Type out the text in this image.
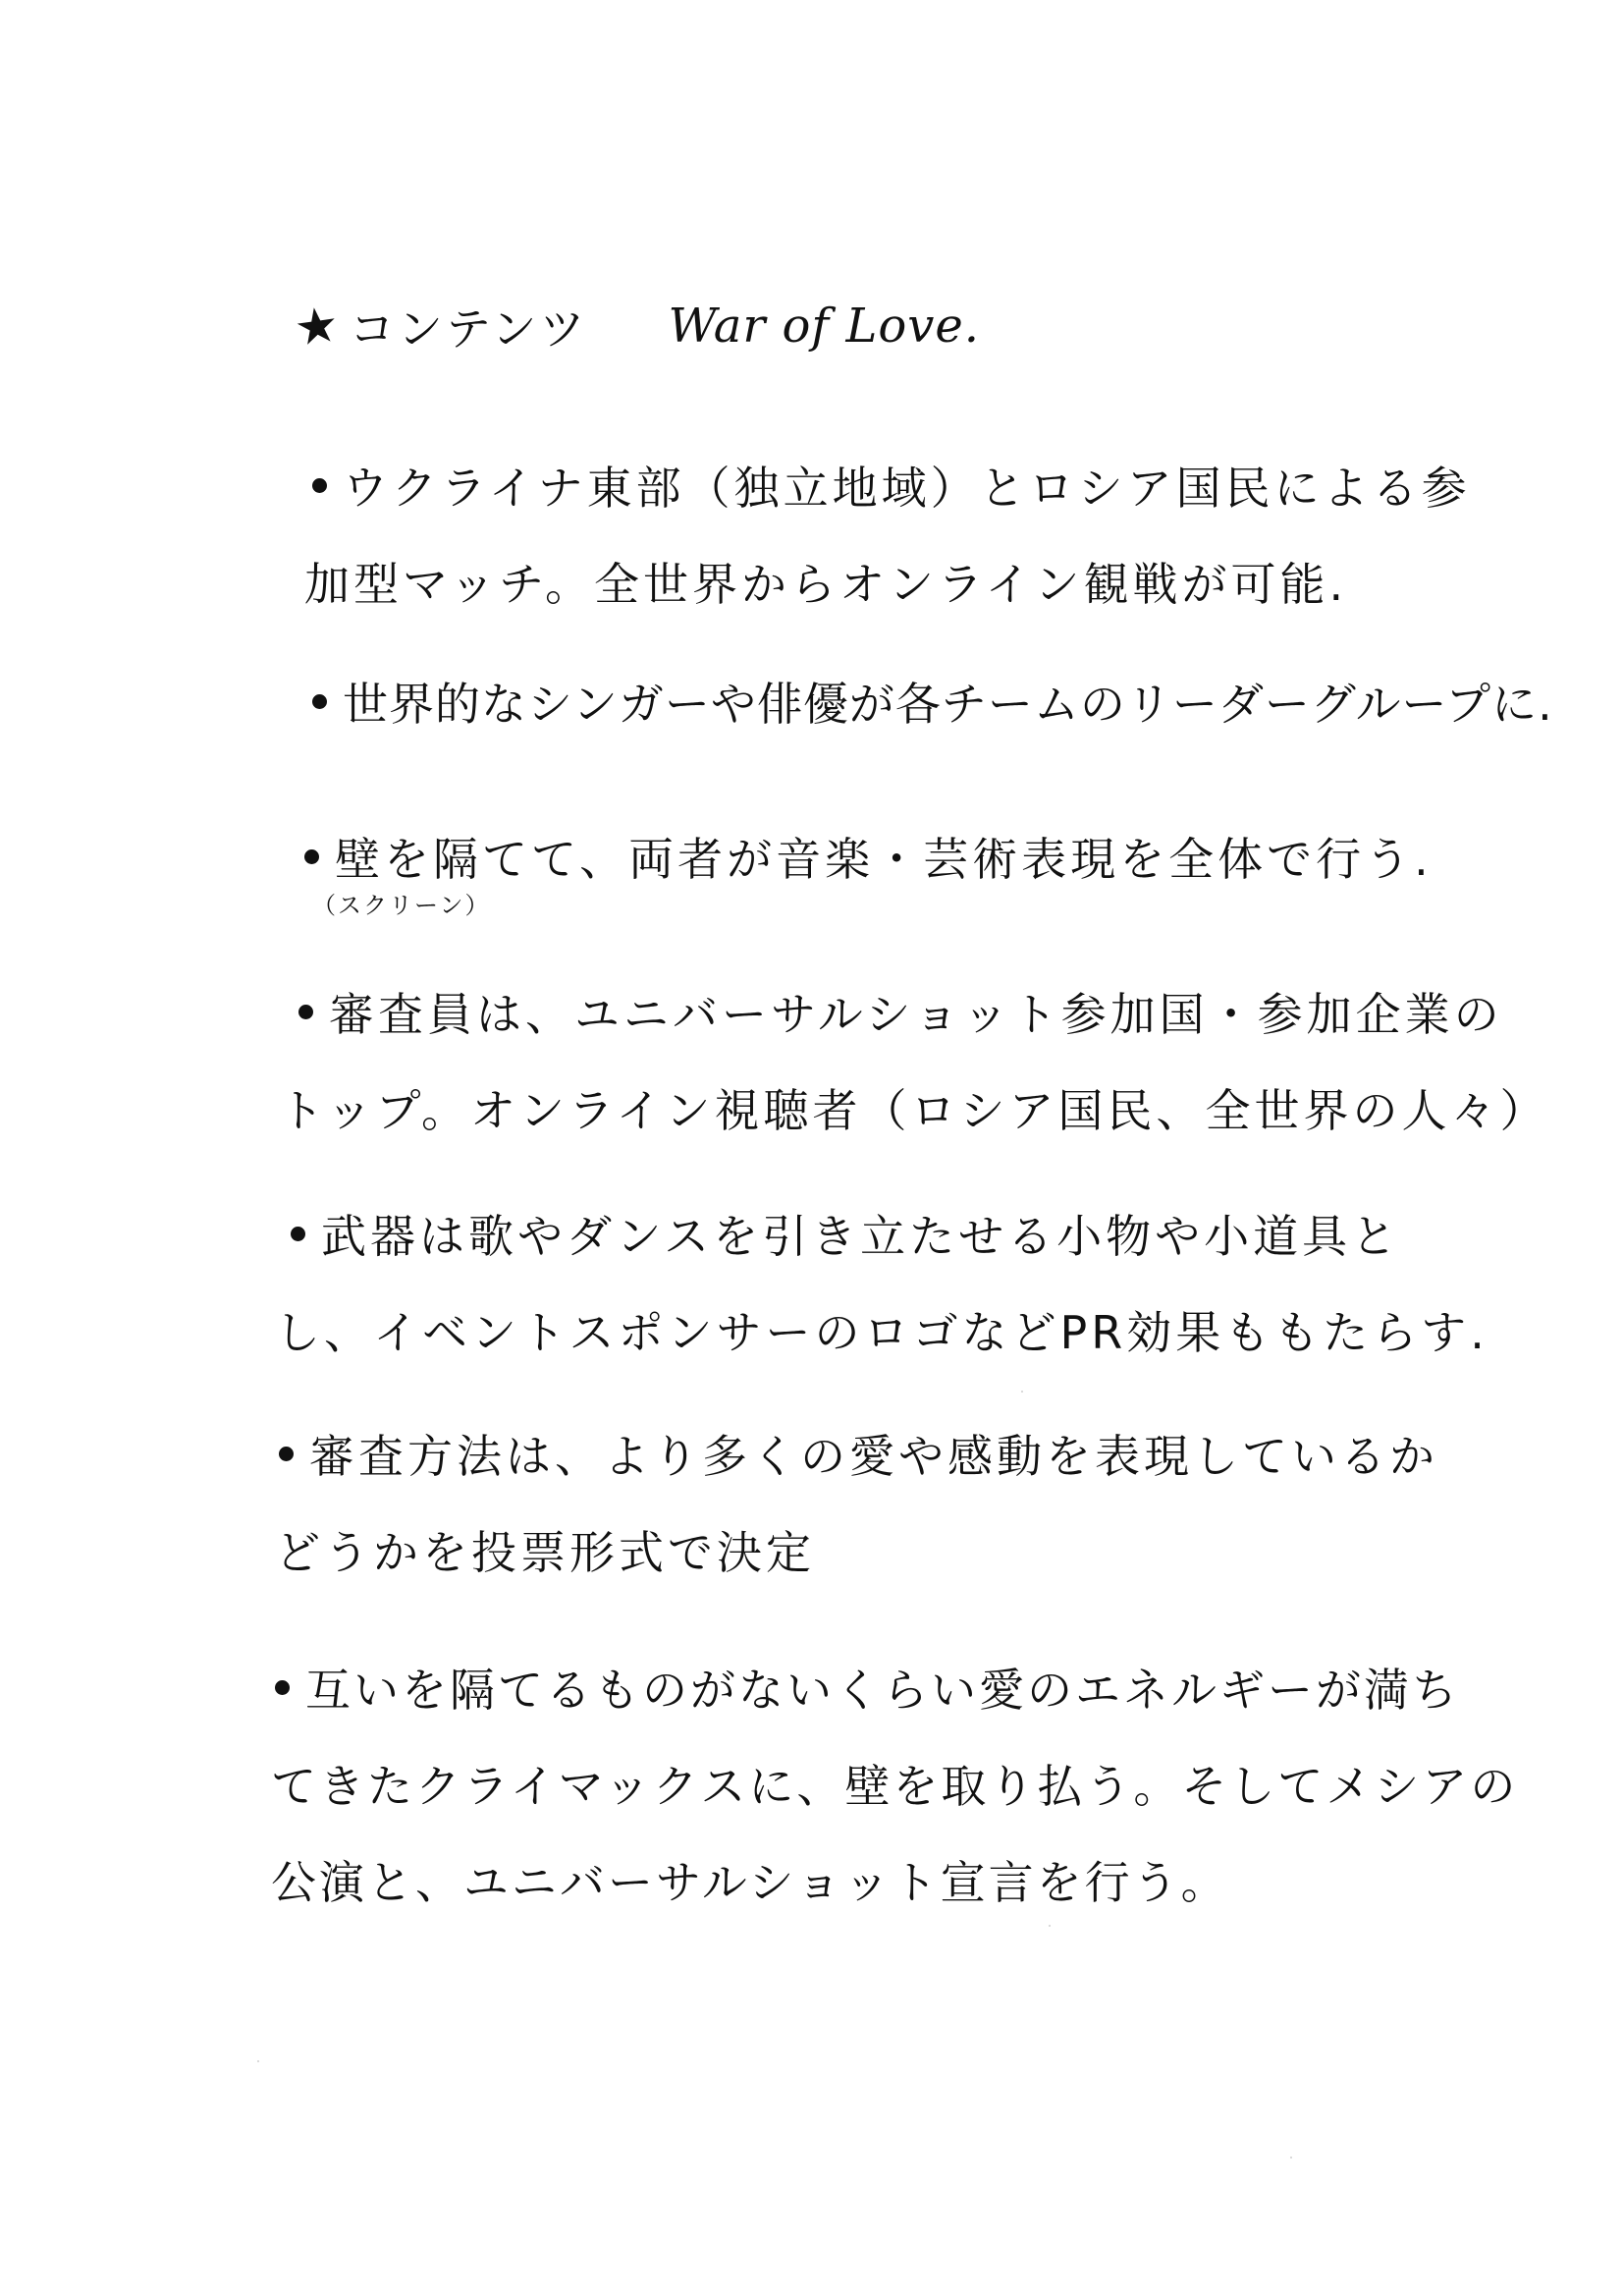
★ コンテンツ War of Love.
ウクライナ東部（独立地域）とロシア国民による参
加型マッチ。全世界からオンライン観戦が可能.
世界的なシンガーや俳優が各チームのリーダーグループに.
壁を隔てて、両者が音楽・芸術表現を全体で行う.
（スクリーン）
審査員は、ユニバーサルショット参加国・参加企業の
トップ。オンライン視聴者（ロシア国民、全世界の人々）
武器は歌やダンスを引き立たせる小物や小道具と
し、イベントスポンサーのロゴなどPR効果ももたらす.
審査方法は、より多くの愛や感動を表現しているか
どうかを投票形式で決定
互いを隔てるものがないくらい愛のエネルギーが満ち
てきたクライマックスに、壁を取り払う。そしてメシアの
公演と、ユニバーサルショット宣言を行う。
